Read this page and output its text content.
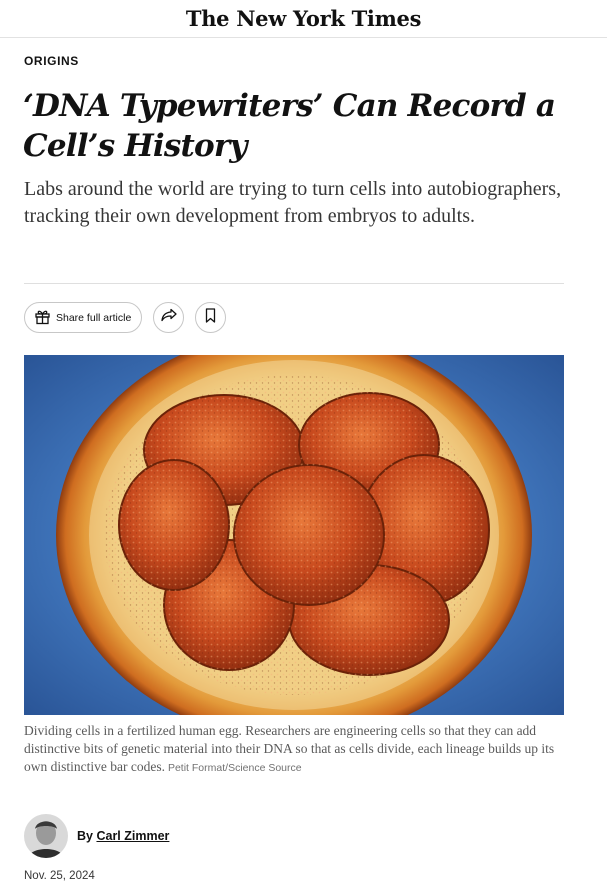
The New York Times
ORIGINS
‘DNA Typewriters’ Can Record a Cell’s History

Labs around the world are trying to turn cells into autobiographers, tracking their own development from embryos to adults.

Share full article

Dividing cells in a fertilized human egg. Researchers are engineering cells so that they can add distinctive bits of genetic material into their DNA so that as cells divide, each lineage builds up its own distinctive bar codes. Petit Format/Science Source

By Carl Zimmer
Nov. 25, 2024
